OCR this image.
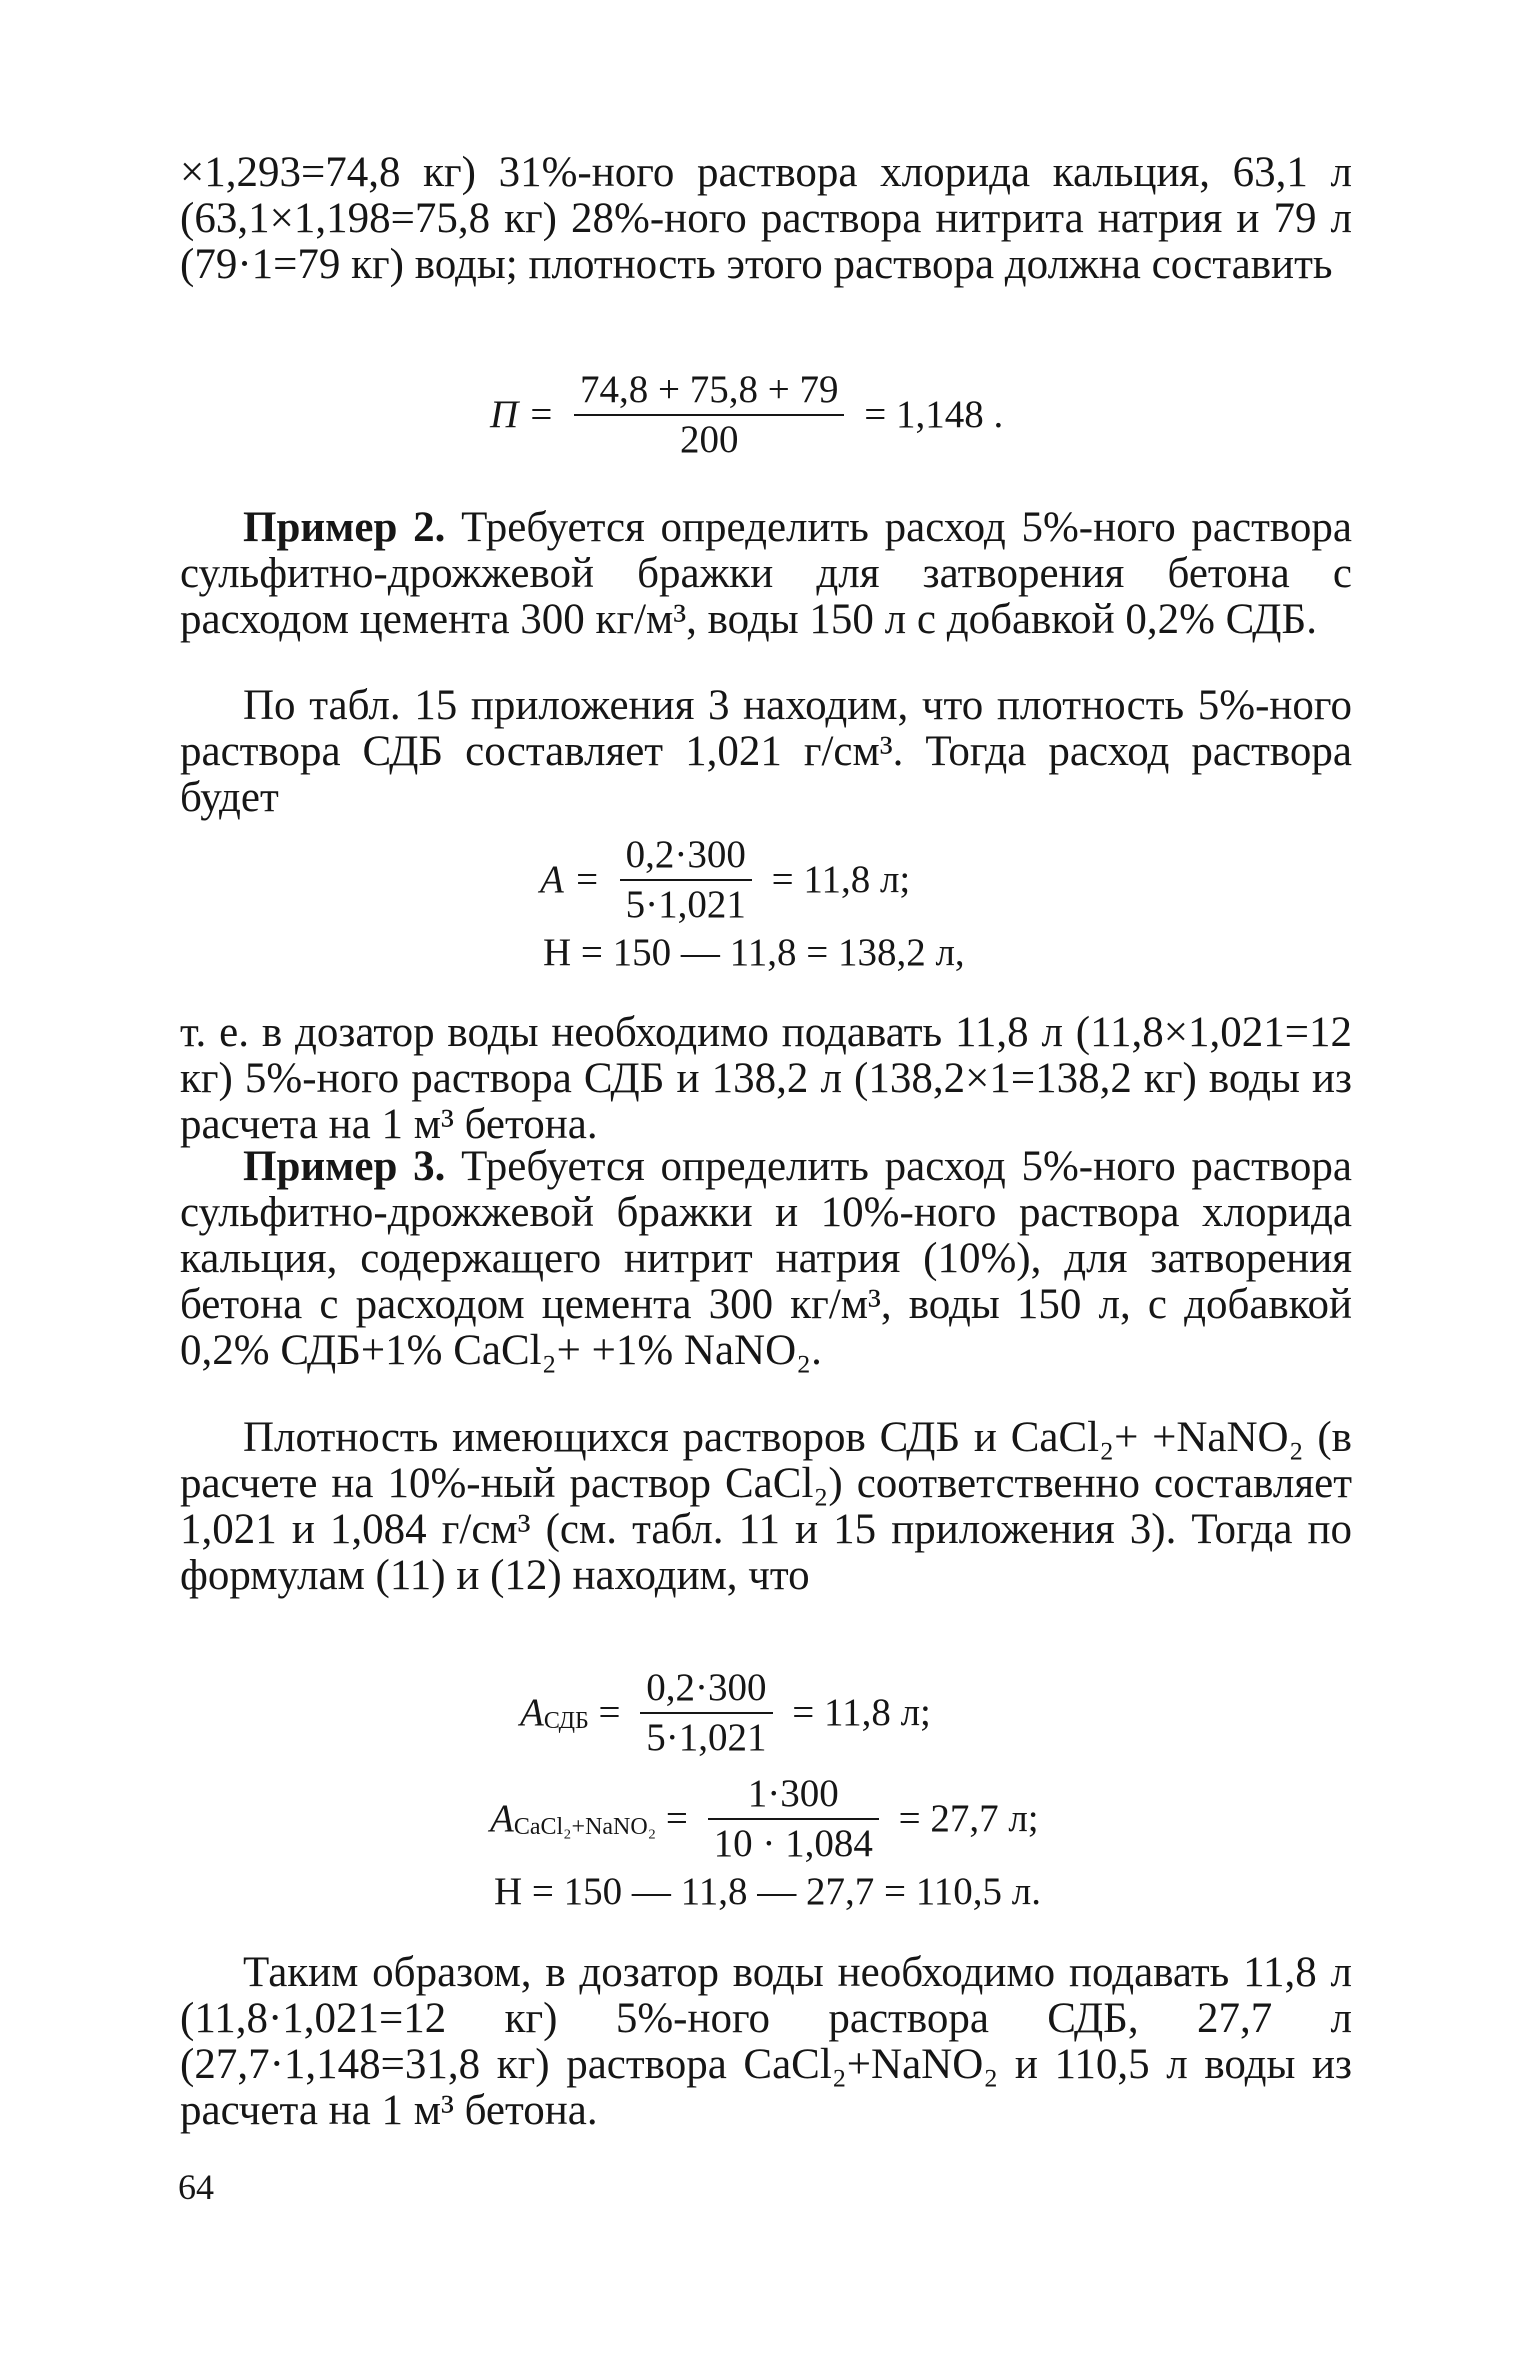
×1,293=74,8 кг) 31%-ного раствора хлорида кальция, 63,1 л (63,1×1,198=75,8 кг) 28%-ного раствора нитрита натрия и 79 л (79·1=79 кг) воды; плотность этого раствора должна составить

$П = \frac{74,8 + 75,8 + 79}{200} = 1,148$ .

Пример 2. Требуется определить расход 5%-ного раствора сульфитно-дрожжевой бражки для затворения бетона с расходом цемента 300 кг/м³, воды 150 л с добавкой 0,2% СДБ.

По табл. 15 приложения 3 находим, что плотность 5%-ного раствора СДБ составляет 1,021 г/см³. Тогда расход раствора будет

$А = \frac{0,2\cdot 300}{5\cdot 1,021} = 11,8$ л;
Н = 150 — 11,8 = 138,2 л,

т. е. в дозатор воды необходимо подавать 11,8 л (11,8×1,021=12 кг) 5%-ного раствора СДБ и 138,2 л (138,2×1=138,2 кг) воды из расчета на 1 м³ бетона.

Пример 3. Требуется определить расход 5%-ного раствора сульфитно-дрожжевой бражки и 10%-ного раствора хлорида кальция, содержащего нитрит натрия (10%), для затворения бетона с расходом цемента 300 кг/м³, воды 150 л, с добавкой 0,2% СДБ+1% CaCl₂+ +1% NaNO₂.

Плотность имеющихся растворов СДБ и CaCl₂+ +NaNO₂ (в расчете на 10%-ный раствор CaCl₂) соответственно составляет 1,021 и 1,084 г/см³ (см. табл. 11 и 15 приложения 3). Тогда по формулам (11) и (12) находим, что

$А_{СДБ} = \frac{0,2\cdot 300}{5\cdot 1,021} = 11,8$ л;
$А_{CaCl_2+NaNO_2} = \frac{1\cdot 300}{10 \cdot 1,084} = 27,7$ л;
Н = 150 — 11,8 — 27,7 = 110,5 л.

Таким образом, в дозатор воды необходимо подавать 11,8 л (11,8·1,021=12 кг) 5%-ного раствора СДБ, 27,7 л (27,7·1,148=31,8 кг) раствора CaCl₂+NaNO₂ и 110,5 л воды из расчета на 1 м³ бетона.

64
